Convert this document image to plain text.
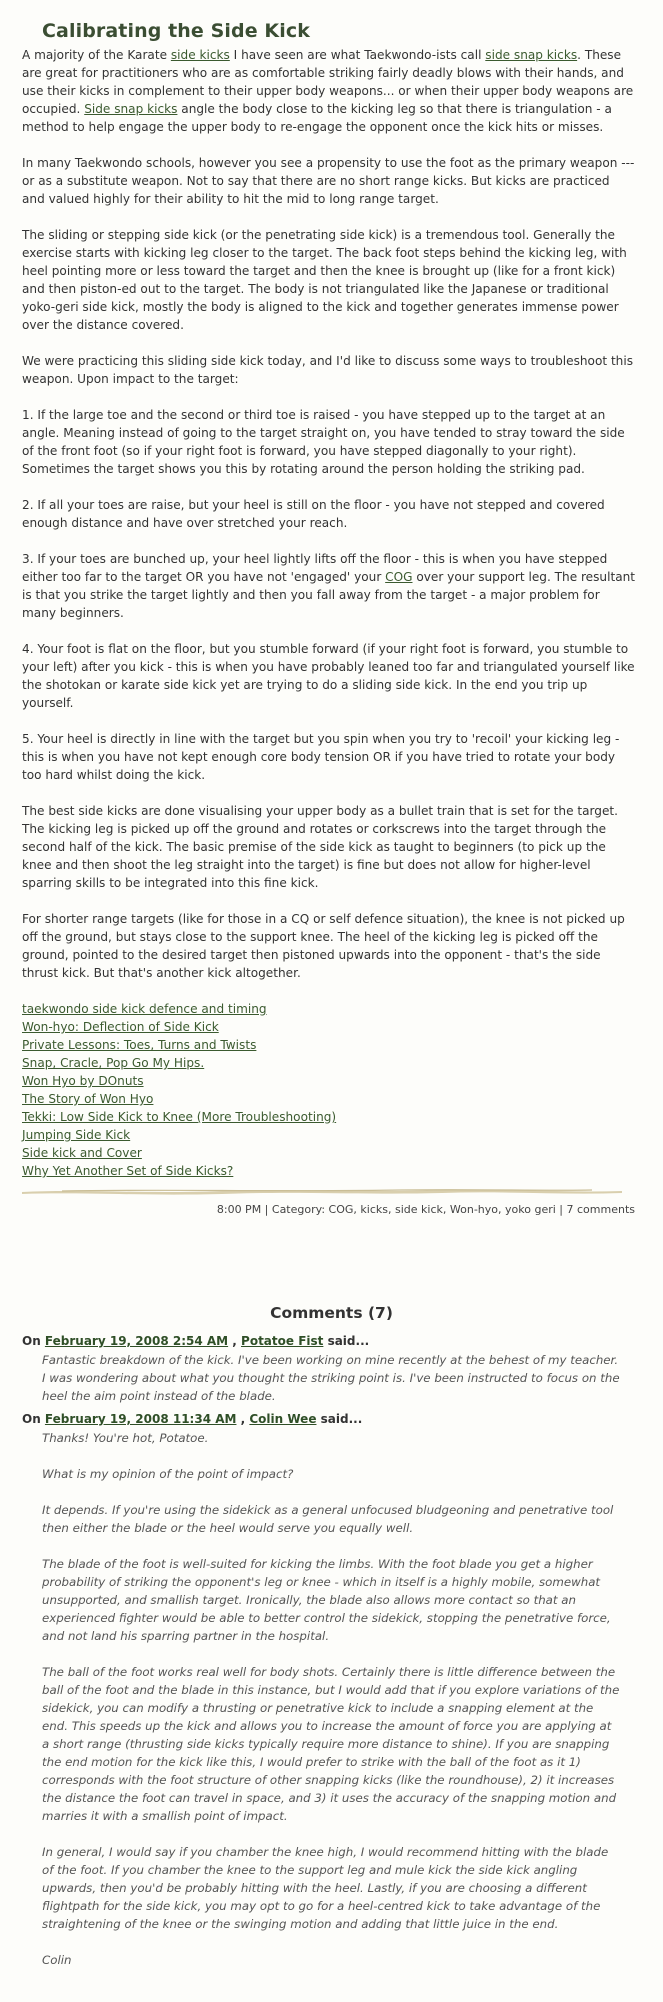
Calibrating the Side Kick

A majority of the Karate side kicks I have seen are what Taekwondo-ists call side snap kicks. These are great for practitioners who are as comfortable striking fairly deadly blows with their hands, and use their kicks in complement to their upper body weapons... or when their upper body weapons are occupied. Side snap kicks angle the body close to the kicking leg so that there is triangulation - a method to help engage the upper body to re-engage the opponent once the kick hits or misses.

In many Taekwondo schools, however you see a propensity to use the foot as the primary weapon --- or as a substitute weapon. Not to say that there are no short range kicks. But kicks are practiced and valued highly for their ability to hit the mid to long range target.

The sliding or stepping side kick (or the penetrating side kick) is a tremendous tool. Generally the exercise starts with kicking leg closer to the target. The back foot steps behind the kicking leg, with heel pointing more or less toward the target and then the knee is brought up (like for a front kick) and then piston-ed out to the target. The body is not triangulated like the Japanese or traditional yoko-geri side kick, mostly the body is aligned to the kick and together generates immense power over the distance covered.

We were practicing this sliding side kick today, and I'd like to discuss some ways to troubleshoot this weapon. Upon impact to the target:

1. If the large toe and the second or third toe is raised - you have stepped up to the target at an angle. Meaning instead of going to the target straight on, you have tended to stray toward the side of the front foot (so if your right foot is forward, you have stepped diagonally to your right). Sometimes the target shows you this by rotating around the person holding the striking pad.

2. If all your toes are raise, but your heel is still on the floor - you have not stepped and covered enough distance and have over stretched your reach.

3. If your toes are bunched up, your heel lightly lifts off the floor - this is when you have stepped either too far to the target OR you have not 'engaged' your COG over your support leg. The resultant is that you strike the target lightly and then you fall away from the target - a major problem for many beginners.

4. Your foot is flat on the floor, but you stumble forward (if your right foot is forward, you stumble to your left) after you kick - this is when you have probably leaned too far and triangulated yourself like the shotokan or karate side kick yet are trying to do a sliding side kick. In the end you trip up yourself.

5. Your heel is directly in line with the target but you spin when you try to 'recoil' your kicking leg - this is when you have not kept enough core body tension OR if you have tried to rotate your body too hard whilst doing the kick.

The best side kicks are done visualising your upper body as a bullet train that is set for the target. The kicking leg is picked up off the ground and rotates or corkscrews into the target through the second half of the kick. The basic premise of the side kick as taught to beginners (to pick up the knee and then shoot the leg straight into the target) is fine but does not allow for higher-level sparring skills to be integrated into this fine kick.

For shorter range targets (like for those in a CQ or self defence situation), the knee is not picked up off the ground, but stays close to the support knee. The heel of the kicking leg is picked off the ground, pointed to the desired target then pistoned upwards into the opponent - that's the side thrust kick. But that's another kick altogether.

taekwondo side kick defence and timing
Won-hyo: Deflection of Side Kick
Private Lessons: Toes, Turns and Twists
Snap, Cracle, Pop Go My Hips.
Won Hyo by DOnuts
The Story of Won Hyo
Tekki: Low Side Kick to Knee (More Troubleshooting)
Jumping Side Kick
Side kick and Cover
Why Yet Another Set of Side Kicks?
8:00 PM | Category: COG, kicks, side kick, Won-hyo, yoko geri | 7 comments
Comments (7)
On February 19, 2008 2:54 AM , Potatoe Fist said...

Fantastic breakdown of the kick. I've been working on mine recently at the behest of my teacher. I was wondering about what you thought the striking point is. I've been instructed to focus on the heel the aim point instead of the blade.

On February 19, 2008 11:34 AM , Colin Wee said...

Thanks! You're hot, Potatoe.

What is my opinion of the point of impact?

It depends. If you're using the sidekick as a general unfocused bludgeoning and penetrative tool then either the blade or the heel would serve you equally well.

The blade of the foot is well-suited for kicking the limbs. With the foot blade you get a higher probability of striking the opponent's leg or knee - which in itself is a highly mobile, somewhat unsupported, and smallish target. Ironically, the blade also allows more contact so that an experienced fighter would be able to better control the sidekick, stopping the penetrative force, and not land his sparring partner in the hospital.

The ball of the foot works real well for body shots. Certainly there is little difference between the ball of the foot and the blade in this instance, but I would add that if you explore variations of the sidekick, you can modify a thrusting or penetrative kick to include a snapping element at the end. This speeds up the kick and allows you to increase the amount of force you are applying at a short range (thrusting side kicks typically require more distance to shine). If you are snapping the end motion for the kick like this, I would prefer to strike with the ball of the foot as it 1) corresponds with the foot structure of other snapping kicks (like the roundhouse), 2) it increases the distance the foot can travel in space, and 3) it uses the accuracy of the snapping motion and marries it with a smallish point of impact.

In general, I would say if you chamber the knee high, I would recommend hitting with the blade of the foot. If you chamber the knee to the support leg and mule kick the side kick angling upwards, then you'd be probably hitting with the heel. Lastly, if you are choosing a different flightpath for the side kick, you may opt to go for a heel-centred kick to take advantage of the straightening of the knee or the swinging motion and adding that little juice in the end.

Colin
